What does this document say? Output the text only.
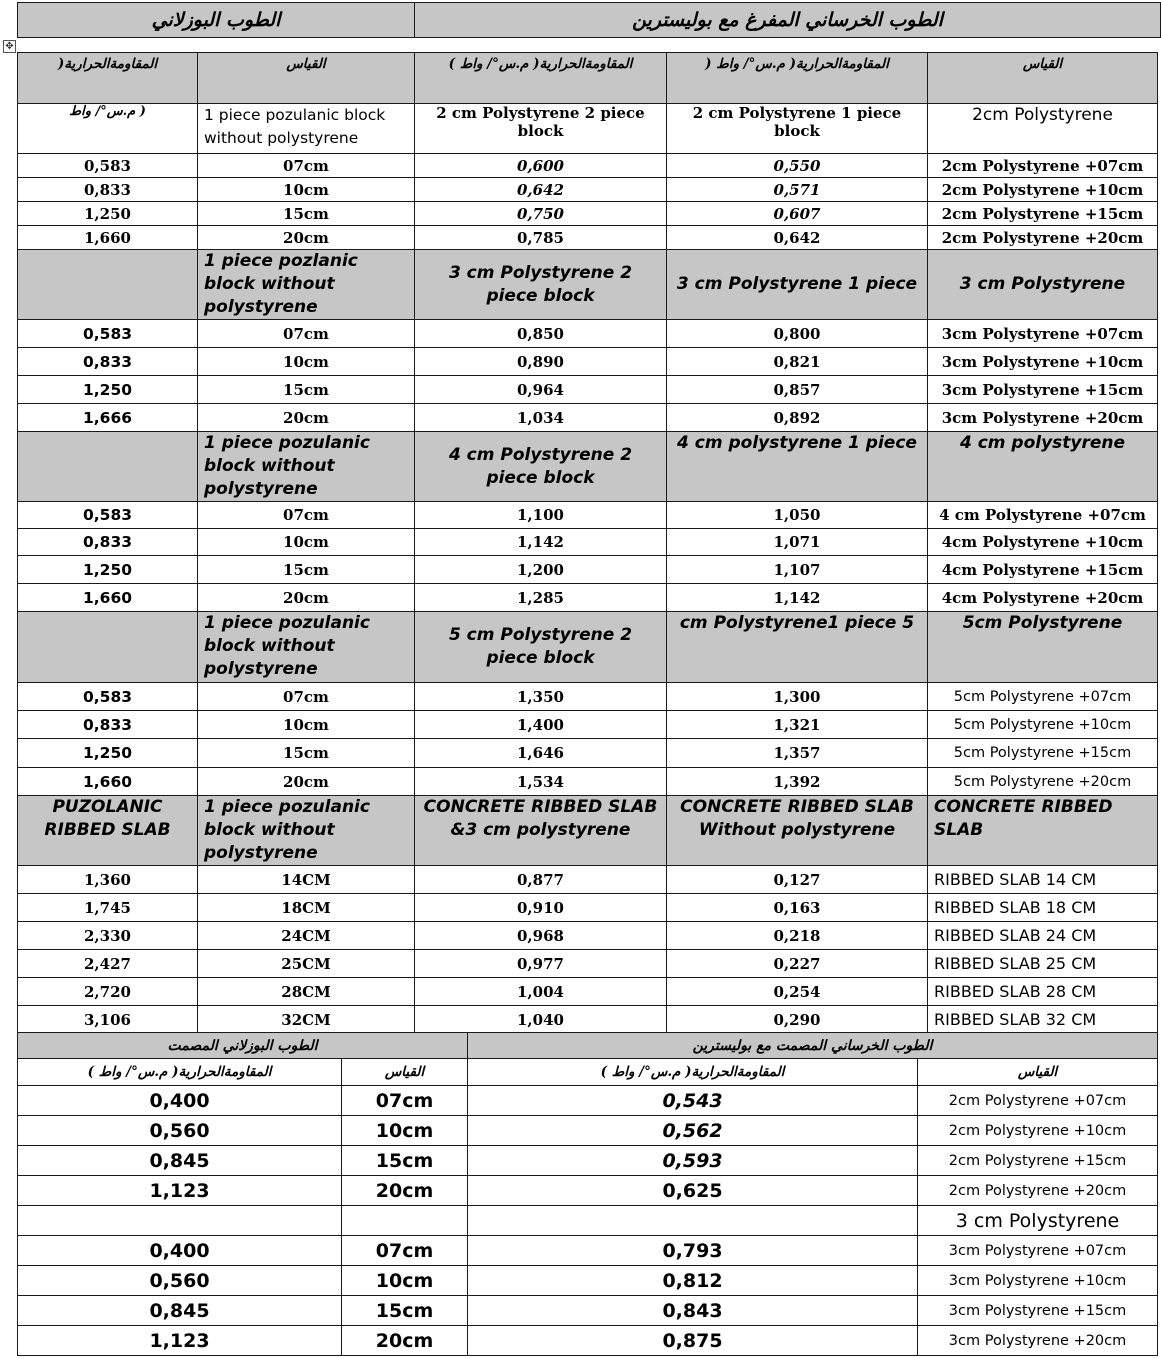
الطوب البوزلاني	الطوب الخرساني المفرغ مع بوليسترين
✥
المقاومةالحرارية(	القياس	المقاومةالحرارية( م.س°/ واط )	المقاومةالحرارية( م.س°/ واط (	القياس
( م.س°/ واط	1 piece pozulanic block without polystyrene	2 cm Polystyrene 2 piece block	2 cm Polystyrene 1 piece block	2cm Polystyrene
0,583	07cm	0,600	0,550	2cm Polystyrene +07cm
0,833	10cm	0,642	0,571	2cm Polystyrene +10cm
1,250	15cm	0,750	0,607	2cm Polystyrene +15cm
1,660	20cm	0,785	0,642	2cm Polystyrene +20cm
	1 piece pozlanic block without polystyrene	3 cm Polystyrene 2 piece block	3 cm Polystyrene 1 piece	3 cm Polystyrene
0,583	07cm	0,850	0,800	3cm Polystyrene +07cm
0,833	10cm	0,890	0,821	3cm Polystyrene +10cm
1,250	15cm	0,964	0,857	3cm Polystyrene +15cm
1,666	20cm	1,034	0,892	3cm Polystyrene +20cm
	1 piece pozulanic block without polystyrene	4 cm Polystyrene 2 piece block	4 cm polystyrene 1 piece	4 cm polystyrene
0,583	07cm	1,100	1,050	4 cm Polystyrene +07cm
0,833	10cm	1,142	1,071	4cm Polystyrene +10cm
1,250	15cm	1,200	1,107	4cm Polystyrene +15cm
1,660	20cm	1,285	1,142	4cm Polystyrene +20cm
	1 piece pozulanic block without polystyrene	5 cm Polystyrene 2 piece block	cm Polystyrene1 piece 5	5cm Polystyrene
0,583	07cm	1,350	1,300	5cm Polystyrene +07cm
0,833	10cm	1,400	1,321	5cm Polystyrene +10cm
1,250	15cm	1,646	1,357	5cm Polystyrene +15cm
1,660	20cm	1,534	1,392	5cm Polystyrene +20cm
PUZOLANIC RIBBED SLAB	1 piece pozulanic block without polystyrene	CONCRETE RIBBED SLAB &3 cm polystyrene	CONCRETE RIBBED SLAB Without polystyrene	CONCRETE RIBBED SLAB
1,360	14CM	0,877	0,127	RIBBED SLAB 14 CM
1,745	18CM	0,910	0,163	RIBBED SLAB 18 CM
2,330	24CM	0,968	0,218	RIBBED SLAB 24 CM
2,427	25CM	0,977	0,227	RIBBED SLAB 25 CM
2,720	28CM	1,004	0,254	RIBBED SLAB 28 CM
3,106	32CM	1,040	0,290	RIBBED SLAB 32 CM
الطوب البوزلاني المصمت		الطوب الخرساني المصمت مع بوليسترين	
المقاومةالحرارية( م.س°/ واط )	القياس	المقاومةالحرارية( م.س°/ واط )	القياس
0,400	07cm	0,543	2cm Polystyrene +07cm
0,560	10cm	0,562	2cm Polystyrene +10cm
0,845	15cm	0,593	2cm Polystyrene +15cm
1,123	20cm	0,625	2cm Polystyrene +20cm
			3 cm Polystyrene
0,400	07cm	0,793	3cm Polystyrene +07cm
0,560	10cm	0,812	3cm Polystyrene +10cm
0,845	15cm	0,843	3cm Polystyrene +15cm
1,123	20cm	0,875	3cm Polystyrene +20cm
